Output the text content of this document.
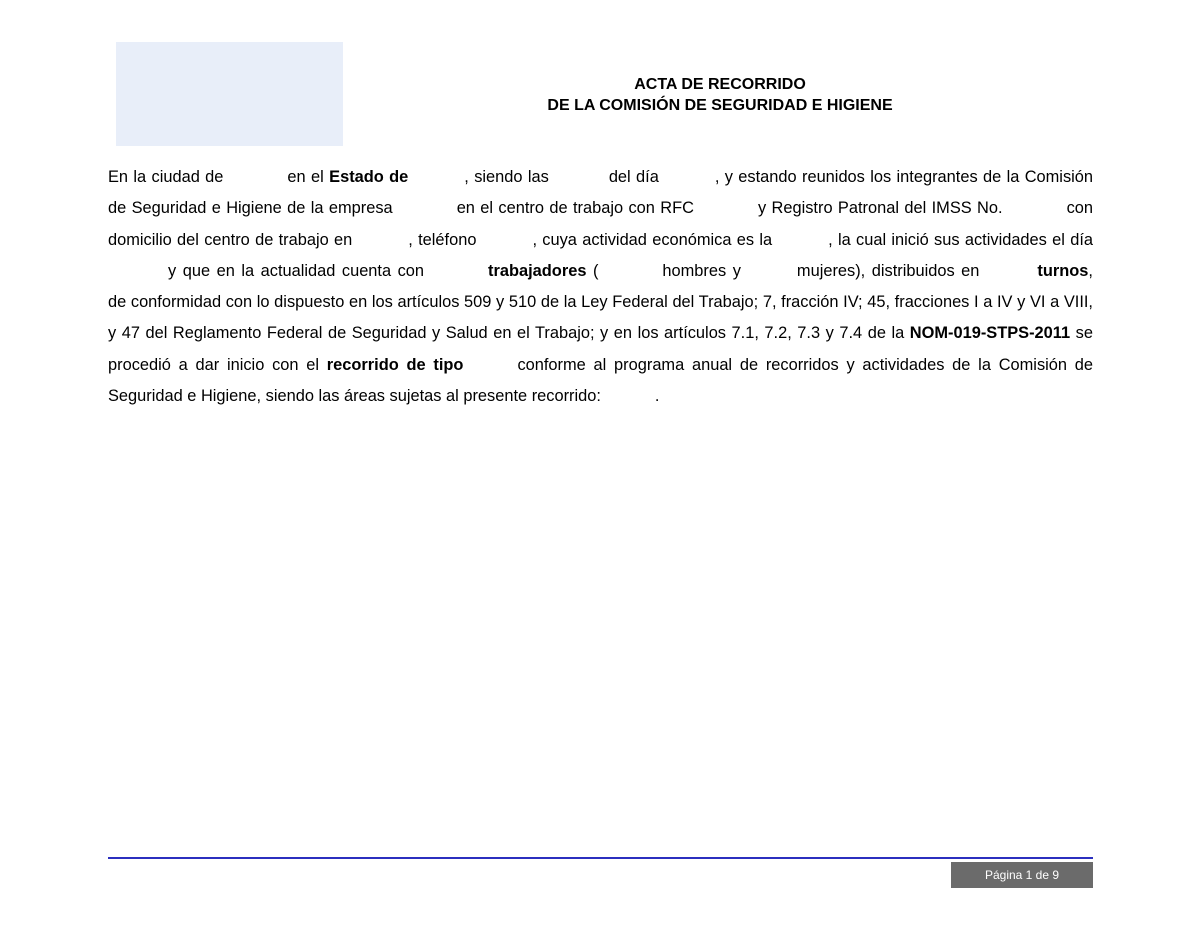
ACTA DE RECORRIDO
DE LA COMISIÓN DE SEGURIDAD E HIGIENE
En la ciudad de	en el Estado de	, siendo las	del día	, y estando reunidos los integrantes de la Comisión de Seguridad e Higiene de la empresa	en el centro de trabajo con RFC	y Registro Patronal del IMSS No.	con domicilio del centro de trabajo en	, teléfono	, cuya actividad económica es la	, la cual inició sus actividades el díay que en la actualidad cuenta con	trabajadores (	hombres y	mujeres), distribuidos en	turnos, de conformidad con lo dispuesto en los artículos 509 y 510 de la Ley Federal del Trabajo; 7, fracción IV; 45, fracciones I a IV y VI a VIII, y 47 del Reglamento Federal de Seguridad y Salud en el Trabajo; y en los artículos 7.1, 7.2, 7.3 y 7.4 de la NOM-019-STPS-2011 se procedió a dar inicio con el recorrido de tipo	conforme al programa anual de recorridos y actividades de la Comisión de Seguridad e Higiene, siendo las áreas sujetas al presente recorrido:	.
Página 1 de 9
